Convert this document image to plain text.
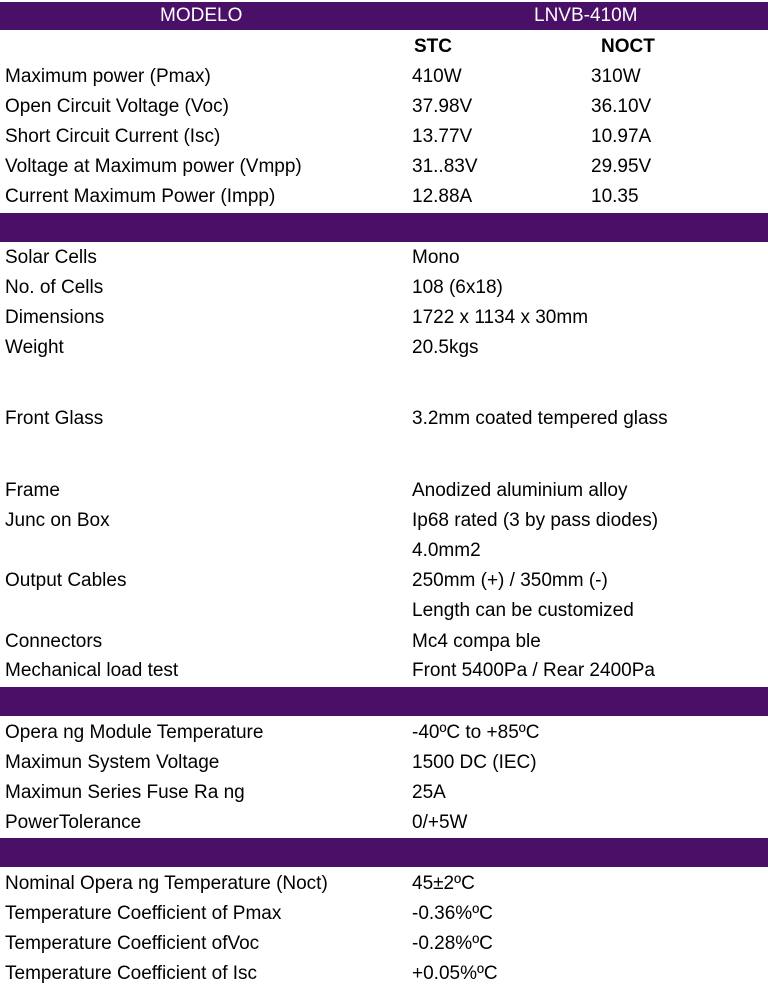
MODELO	LNVB-410M
STC	NOCT
Maximum power (Pmax)	410W	310W
Open Circuit Voltage (Voc)	37.98V	36.10V
Short Circuit Current (Isc)	13.77V	10.97A
Voltage at Maximum power (Vmpp)	31..83V	29.95V
Current Maximum Power (Impp)	12.88A	10.35
Solar Cells	Mono
No. of Cells	108 (6x18)
Dimensions	1722 x 1134 x 30mm
Weight	20.5kgs
Front Glass	3.2mm coated tempered glass
Frame	Anodized aluminium alloy
Junc on Box	Ip68 rated (3 by pass diodes)
4.0mm2
Output Cables	250mm (+) / 350mm (-)
Length can be customized
Connectors	Mc4 compa ble
Mechanical load test	Front 5400Pa / Rear 2400Pa
Opera ng Module Temperature	-40ºC to +85ºC
Maximun System Voltage	1500 DC (IEC)
Maximun Series Fuse Ra ng	25A
PowerTolerance	0/+5W
Nominal Opera ng Temperature (Noct)	45±2ºC
Temperature Coefficient of Pmax	-0.36%ºC
Temperature Coefficient ofVoc	-0.28%ºC
Temperature Coefficient of Isc	+0.05%ºC
